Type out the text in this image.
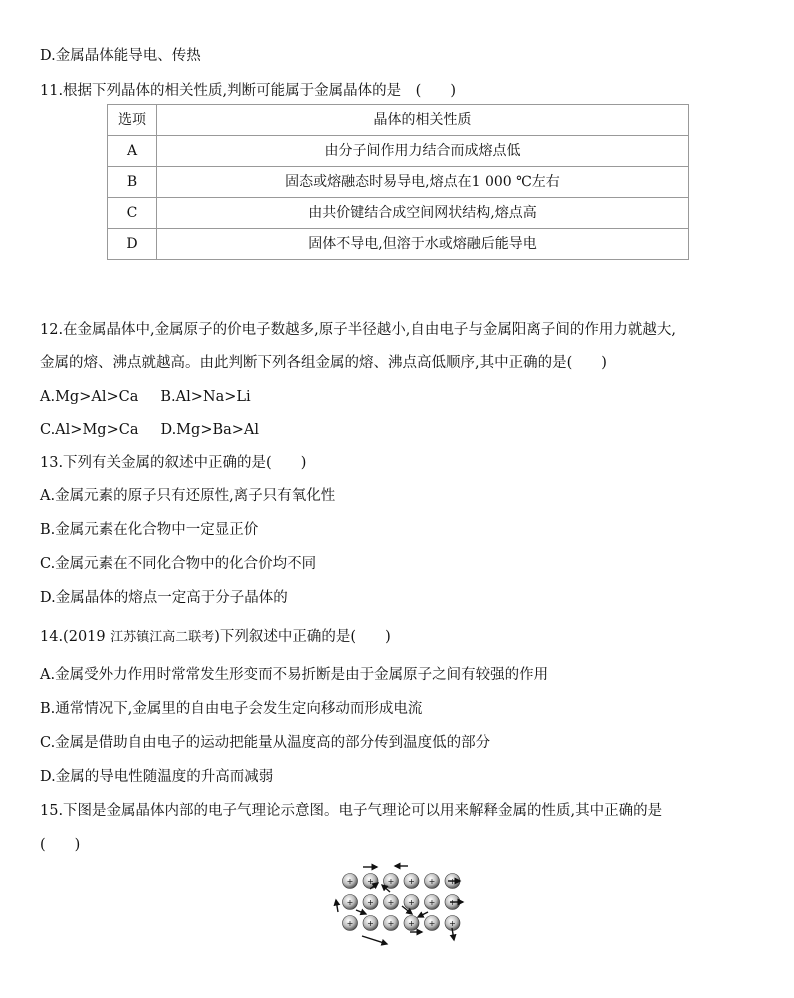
D.金属晶体能导电、传热
11.根据下列晶体的相关性质,判断可能属于金属晶体的是　(　　)
选项	晶体的相关性质
A	由分子间作用力结合而成熔点低
B	固态或熔融态时易导电,熔点在1 000 ℃左右
C	由共价键结合成空间网状结构,熔点高
D	固体不导电,但溶于水或熔融后能导电
12.在金属晶体中,金属原子的价电子数越多,原子半径越小,自由电子与金属阳离子间的作用力就越大,
金属的熔、沸点就越高。由此判断下列各组金属的熔、沸点高低顺序,其中正确的是(　　)
A.Mg>Al>Ca B.Al>Na>Li
C.Al>Mg>Ca D.Mg>Ba>Al
13.下列有关金属的叙述中正确的是(　　)
A.金属元素的原子只有还原性,离子只有氧化性
B.金属元素在化合物中一定显正价
C.金属元素在不同化合物中的化合价均不同
D.金属晶体的熔点一定高于分子晶体的
14.(2019 江苏镇江高二联考)下列叙述中正确的是(　　)
A.金属受外力作用时常常发生形变而不易折断是由于金属原子之间有较强的作用
B.通常情况下,金属里的自由电子会发生定向移动而形成电流
C.金属是借助自由电子的运动把能量从温度高的部分传到温度低的部分
D.金属的导电性随温度的升高而减弱
15.下图是金属晶体内部的电子气理论示意图。电子气理论可以用来解释金属的性质,其中正确的是
(　　)
+ + + + + +
+ + + + + +
+ + + + + +
